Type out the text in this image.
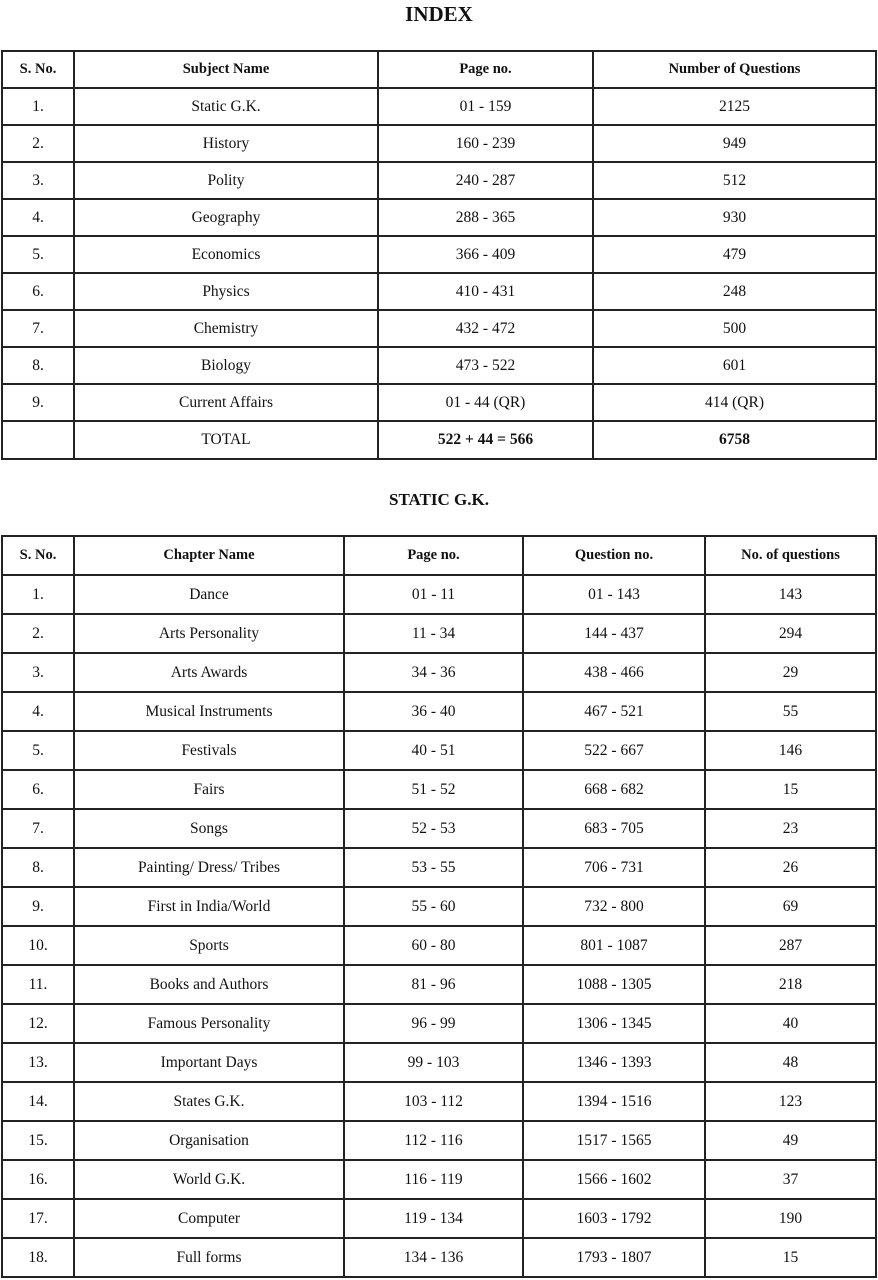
INDEX
S. No.	Subject Name	Page no.	Number of Questions
1.	Static G.K.	01 - 159	2125
2.	History	160 - 239	949
3.	Polity	240 - 287	512
4.	Geography	288 - 365	930
5.	Economics	366 - 409	479
6.	Physics	410 - 431	248
7.	Chemistry	432 - 472	500
8.	Biology	473 - 522	601
9.	Current Affairs	01 - 44 (QR)	414 (QR)
	TOTAL	522 + 44 = 566	6758
STATIC G.K.
S. No.	Chapter Name	Page no.	Question no.	No. of questions
1.	Dance	01 - 11	01 - 143	143
2.	Arts Personality	11 - 34	144 - 437	294
3.	Arts Awards	34 - 36	438 - 466	29
4.	Musical Instruments	36 - 40	467 - 521	55
5.	Festivals	40 - 51	522 - 667	146
6.	Fairs	51 - 52	668 - 682	15
7.	Songs	52 - 53	683 - 705	23
8.	Painting/ Dress/ Tribes	53 - 55	706 - 731	26
9.	First in India/World	55 - 60	732 - 800	69
10.	Sports	60 - 80	801 - 1087	287
11.	Books and Authors	81 - 96	1088 - 1305	218
12.	Famous Personality	96 - 99	1306 - 1345	40
13.	Important Days	99 - 103	1346 - 1393	48
14.	States G.K.	103 - 112	1394 - 1516	123
15.	Organisation	112 - 116	1517 - 1565	49
16.	World G.K.	116 - 119	1566 - 1602	37
17.	Computer	119 - 134	1603 - 1792	190
18.	Full forms	134 - 136	1793 - 1807	15
